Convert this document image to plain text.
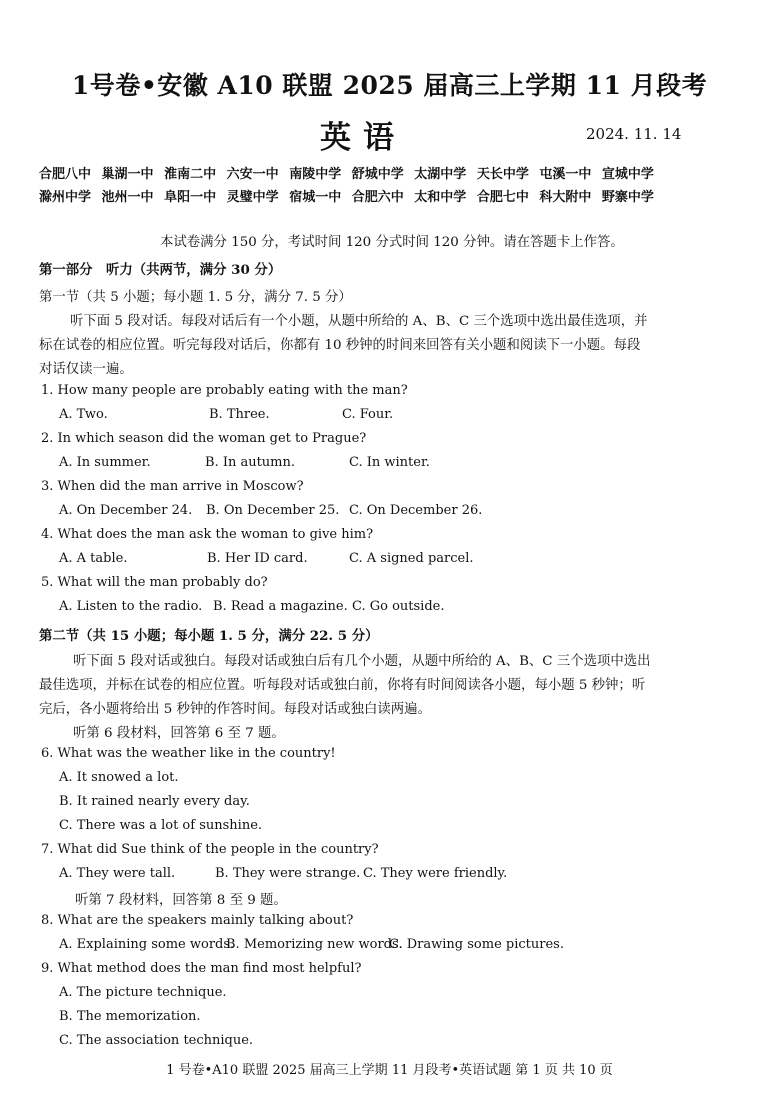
1号卷•安徽 A10 联盟 2025 届高三上学期 11 月段考
英语	2024. 11. 14
合肥八中 巢湖一中 淮南二中 六安一中 南陵中学 舒城中学 太湖中学 天长中学 屯溪一中 宣城中学
滁州中学 池州一中 阜阳一中 灵璧中学 宿城一中 合肥六中 太和中学 合肥七中 科大附中 野寨中学
本试卷满分 150 分，考试时间 120 分式时间 120 分钟。请在答题卡上作答。
第一部分　听力（共两节，满分 30 分）
第一节（共 5 小题；每小题 1. 5 分，满分 7. 5 分）
听下面 5 段对话。每段对话后有一个小题，从题中所给的 A、B、C 三个选项中选出最佳选项，并
标在试卷的相应位置。听完每段对话后，你都有 10 秒钟的时间来回答有关小题和阅读下一小题。每段
对话仅读一遍。
1. How many people are probably eating with the man?
A. Two.	B. Three.	C. Four.
2. In which season did the woman get to Prague?
A. In summer.	B. In autumn.	C. In winter.
3. When did the man arrive in Moscow?
A. On December 24. B. On December 25. C. On December 26.
4. What does the man ask the woman to give him?
A. A table.	B. Her ID card.	C. A signed parcel.
5. What will the man probably do?
A. Listen to the radio. B. Read a magazine. C. Go outside.
第二节（共 15 小题；每小题 1. 5 分，满分 22. 5 分）
听下面 5 段对话或独白。每段对话或独白后有几个小题，从题中所给的 A、B、C 三个选项中选出
最佳选项，并标在试卷的相应位置。听每段对话或独白前，你将有时间阅读各小题，每小题 5 秒钟；听
完后，各小题将给出 5 秒钟的作答时间。每段对话或独白读两遍。
听第 6 段材料，回答第 6 至 7 题。
6. What was the weather like in the country!
A. It snowed a lot.
B. It rained nearly every day.
C. There was a lot of sunshine.
7. What did Sue think of the people in the country?
A. They were tall.	B. They were strange. C. They were friendly.
听第 7 段材料，回答第 8 至 9 题。
8. What are the speakers mainly talking about?
A. Explaining some words.
B. Memorizing new words.
C. Drawing some pictures.
9. What method does the man find most helpful?
A. The picture technique.
B. The memorization.
C. The association technique.
1 号卷•A10 联盟 2025 届高三上学期 11 月段考•英语试题 第 1 页 共 10 页
